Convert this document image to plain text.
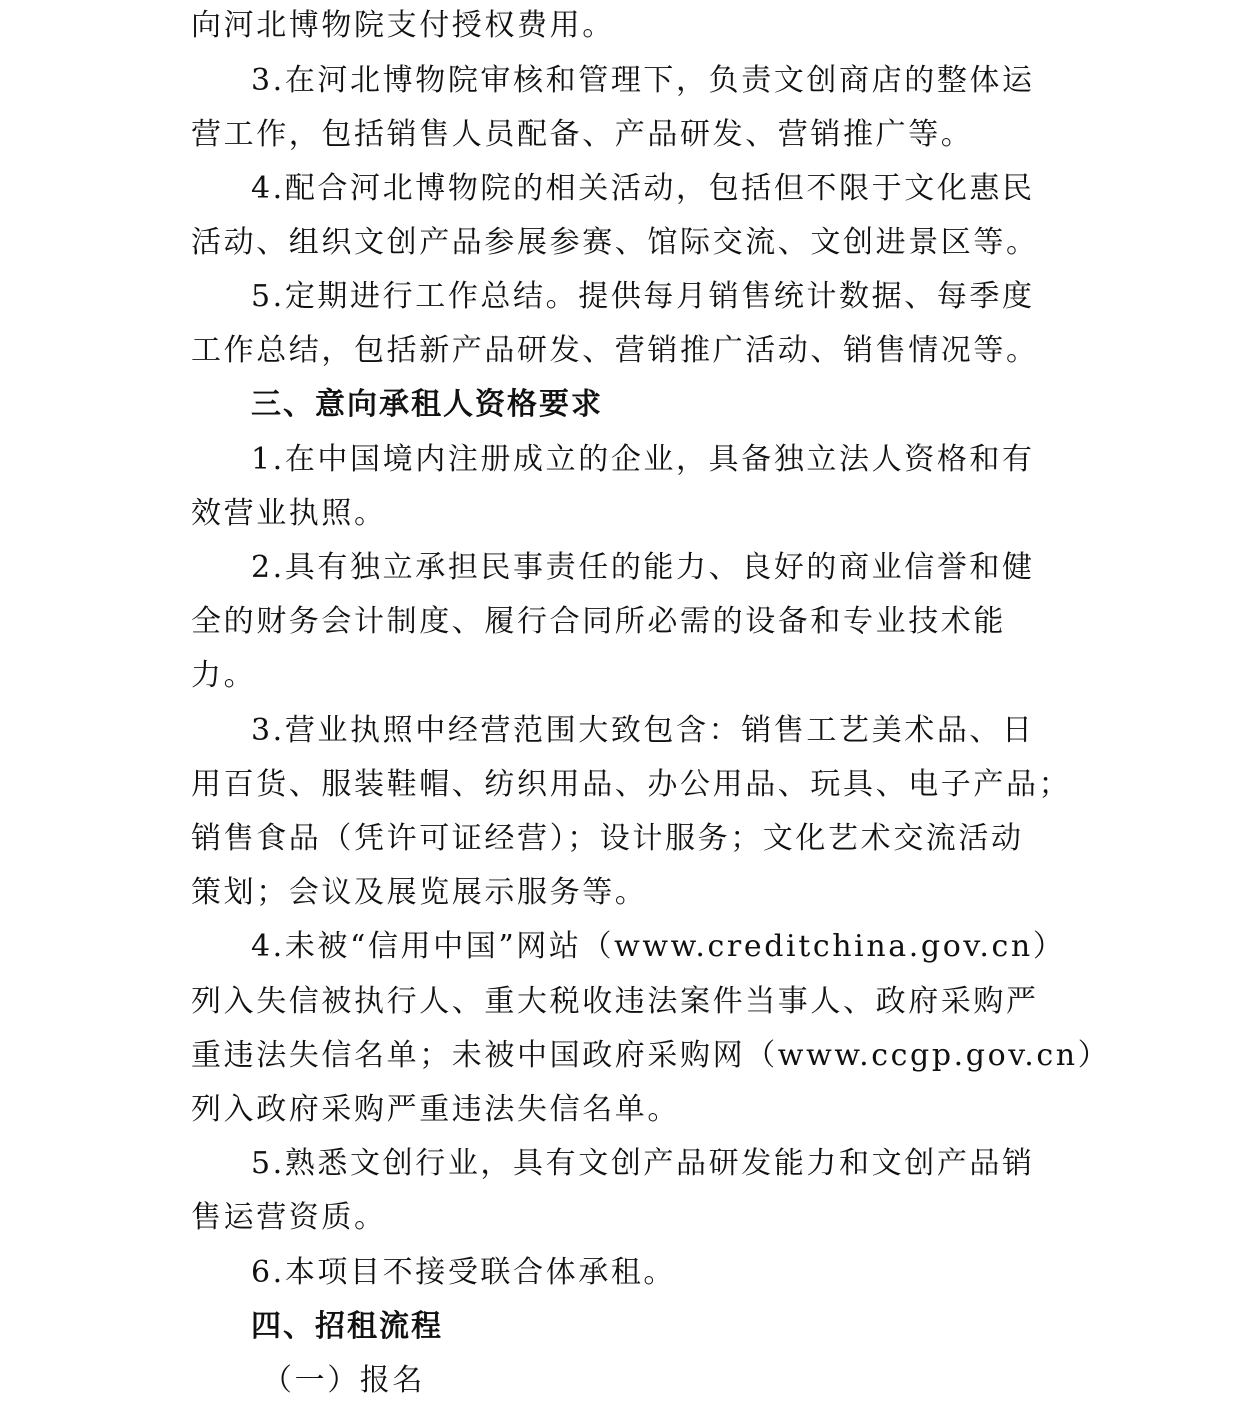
向河北博物院支付授权费用。
3.在河北博物院审核和管理下，负责文创商店的整体运
营工作，包括销售人员配备、产品研发、营销推广等。
4.配合河北博物院的相关活动，包括但不限于文化惠民
活动、组织文创产品参展参赛、馆际交流、文创进景区等。
5.定期进行工作总结。提供每月销售统计数据、每季度
工作总结，包括新产品研发、营销推广活动、销售情况等。
三、意向承租人资格要求
1.在中国境内注册成立的企业，具备独立法人资格和有
效营业执照。
2.具有独立承担民事责任的能力、良好的商业信誉和健
全的财务会计制度、履行合同所必需的设备和专业技术能
力。
3.营业执照中经营范围大致包含：销售工艺美术品、日
用百货、服装鞋帽、纺织用品、办公用品、玩具、电子产品；
销售食品（凭许可证经营）；设计服务；文化艺术交流活动
策划；会议及展览展示服务等。
4.未被“信用中国”网站（www.creditchina.gov.cn）
列入失信被执行人、重大税收违法案件当事人、政府采购严
重违法失信名单；未被中国政府采购网（www.ccgp.gov.cn）
列入政府采购严重违法失信名单。
5.熟悉文创行业，具有文创产品研发能力和文创产品销
售运营资质。
6.本项目不接受联合体承租。
四、招租流程
（一）报名
